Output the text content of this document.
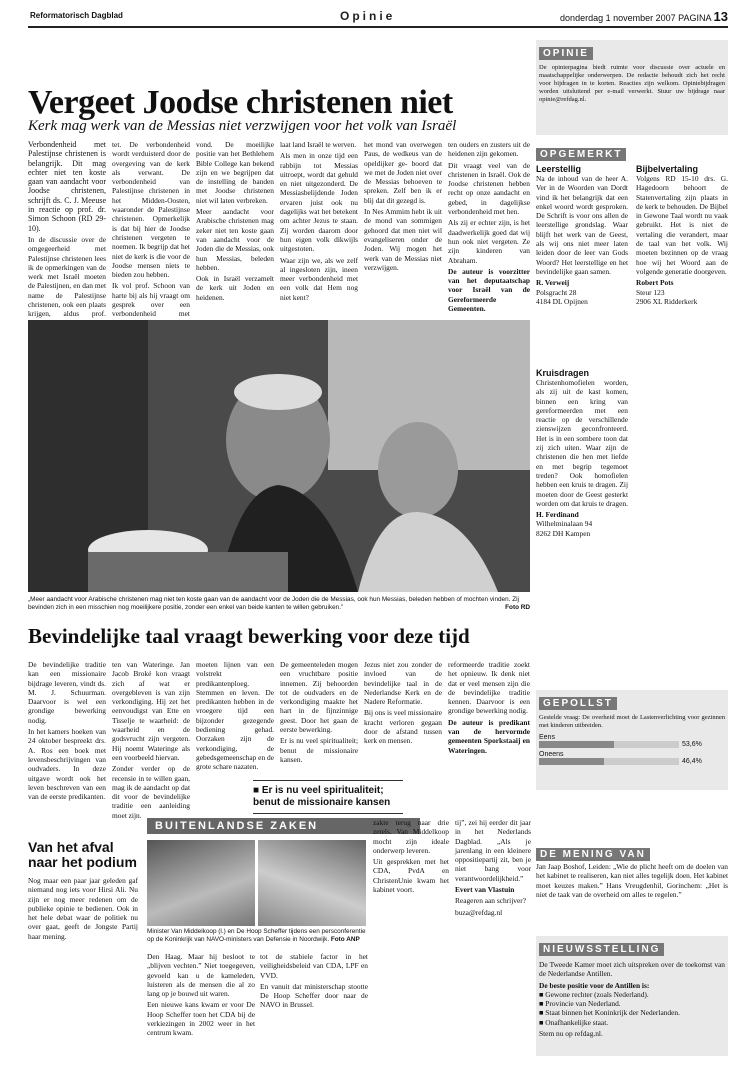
Reformatorisch Dagblad	Opinie	donderdag 1 november 2007 PAGINA 13
Vergeet Joodse christenen niet
Kerk mag werk van de Messias niet verzwijgen voor het volk van Israël

Verbondenheid met Palestijnse christenen is belangrijk. Dit mag echter niet ten koste gaan van aandacht voor Joodse christenen, schrijft ds. C. J. Meeuse in reactie op prof. dr. Simon Schoon (RD 29-10).

In de discussie over de omgegeerheid met Palestijnse christenen lees ik de opmerkingen van de werk met Israël moeten de Palestijnen, en dan met name de Palestijnse christenen, ook een plaats krijgen, aldus prof.

tet. De verbondenheid wordt verduisterd door de overgeving van de kerk als verwant. De verbondenheid van Palestijnse christenen in het Midden-Oosten, waaronder de Palestijnse christenen. Opmerkelijk is dat bij hier de Joodse christenen vergeten te noemen. Ik begrijp dat het niet de kerk is die voor de Joodse mensen niets te bieden zou hebben.

Ik vol prof. Schoon van harte bij als hij vraagt om gesprek over een verbondenheid met

vond. De moeilijke positie van het Bethlehem Bible College kan bekend zijn en we begrijpen dat de instelling de banden met Joodse christenen niet wil laten verbreken.

Meer aandacht voor Arabische christenen mag zeker niet ten koste gaan van aandacht voor de Joden die de Messias, ook hun Messias, beleden hebben.

Ook in Israël verzamelt de kerk uit Joden en heidenen.

laat land Israël te werven.

Als men in onze tijd een rabbijn tot Messias uitroept, wordt dat gehuld en niet uitgezonderd. De Messiasbelijdende Joden ervaren juist ook nu dagelijks wat het betekent om achter Jezus te staan. Zij worden daarom door hun eigen volk dikwijls uitgestoten.

Waar zijn we, als we zelf al ingesloten zijn, ineen meer verbondenheid met een volk dat Hem nog niet kent?

het mond van overwegen Paus, de wedkeus van de opeldijker ge- boord dat we met de Joden niet over de Messias behoeven te spreken. Zelf ben ik er blij dat dit gezegd is.

In Nes Ammim hebt ik uit de mond van sommigen gehoord dat men niet wil evangeliseren onder de Joden. Wij mogen het werk van de Messias niet verzwijgen.

ten ouders en zusters uit de heidenen zijn gekomen.

Dit vraagt veel van de christenen in Israël. Ook de Joodse christenen hebben recht op onze aandacht en gebed, in dagelijkse verbondenheid met hen.

Als zij er echter zijn, is het daadwerkelijk goed dat wij hun ook niet vergeten. Ze zijn kinderen van Abraham.

De auteur is voorzitter van het deputaatschap voor Israël van de Gereformeerde Gemeenten.

„Meer aandacht voor Arabische christenen mag niet ten koste gaan van de aandacht voor de Joden die de Messias, ook hun Messias, beleden hebben of mochten vinden. Zij bevinden zich in een misschien nog moeilijkere positie, zonder een enkel van beide kanten te willen gebruiken.”	Foto RD
Bevindelijke taal vraagt bewerking voor deze tijd

De bevindelijke traditie kan een missionaire bijdrage leveren, vindt ds. M. J. Schuurman. Daarvoor is wel een grondige bewerking nodig.

In het kamers hoeken van 24 oktober bespreekt drs. A. Ros een boek met levensbeschrijvingen van oudvaders. In deze uitgave wordt ook het leven beschreven van een van de eerste predikanten.

ten van Wateringe. Jan Jacob Broké kon vraagt zich af wat er overgebleven is van zijn verkondiging. Hij zet het eenvoudigst van Ette en Tisselje te waarheid: de waarheid en de godsvrucht zijn vergeten. Hij noemt Wateringe als een voorbeeld hiervan.

Zonder verder op de recensie in te willen gaan, mag ik de aandacht op dat dit voor de bevindelijke traditie een aanleiding moet zijn.

moeten lijnen van een volstrekt predikantenploeg. Stemmen en leven. De predikanten hebben in de vroegere tijd een bijzonder gezegende bediening gehad. Oorzaken zijn de verkondiging, de gebedsgemeenschap en de grote schare nazaten.

De gemeenteleden mogen een vruchtbare positie innemen. Zij behoorden tot de oudvaders en de verkondiging maakte het hart in de fijnzinnige geest. Door het gaan de eerste bewerking.

Er is nu veel spiritualiteit; benut de missionaire kansen.

Jezus niet zou zonder de invloed van de bevindelijke taal in de Nederlandse Kerk en de Nadere Reformatie.

Bij ons is veel missionaire kracht verloren gegaan door de afstand tussen kerk en mensen.

reformeerde traditie zoekt het opnieuw. Ik denk niet dat er veel mensen zijn die de bevindelijke traditie kennen. Daarvoor is een grondige bewerking nodig.

De auteur is predikant van de hervormde gemeenten Sporkstaaij en Wateringen.

■ Er is nu veel spiritualiteit; benut de missionaire kansen
OPINIE
De opinierpagina biedt ruimte voor discussie over actuele en maatschappelijke onderwerpen. De redactie behoudt zich het recht voor bijdragen in te korten. Reacties zijn welkom. Opiniebijdragen worden uitsluitend per e-mail verwerkt. Stuur uw bijdrage naar opinie@refdag.nl.
OPGEMERKT
Leerstellig

Na de inhoud van de heer A. Ver in de Woorden van Dordt vind ik het belangrijk dat een enkel woord wordt gesproken. De Schrift is voor ons allen de leerstellige grondslag. Waar blijft het werk van de Geest, als wij ons niet meer laten leiden door de leer van Gods Woord? Het leerstellige en het bevindelijke gaan samen.

R. Verweij
Polsgracht 28
4184 DL Opijnen
Kruisdragen

Christenhomofielen worden, als zij uit de kast komen, binnen een kring van gereformeerden met een reactie op de verschillende zienswijzen geconfronteerd. Het is in een sombere toon dat zij zich uiten. Waar zijn de christenen die hen met liefde en met begrip tegemoet treden? Ook homofielen hebben een kruis te dragen. Zij moeten door de Geest gesterkt worden om dat kruis te dragen.

H. Ferdinand
Wilhelminalaan 94
8262 DH Kampen
Bijbelvertaling

Volgens RD 15-10 drs. G. Hagedoorn behoort de Statenvertaling zijn plaats in de kerk te behouden. De Bijbel in Gewone Taal wordt nu vaak gebruikt. Het is niet de vertaling die verandert, maar de taal van het volk. Wij moeten bezinnen op de vraag hoe wij het Woord aan de volgende generatie doorgeven.

Robert Pots
Steur 123
2906 XL Ridderkerk
GEPOLLST
Gestelde vraag: De overheid moet de Lastenverlichting voor gezinnen met kinderen uitbreiden.
Eens
53,6%
Oneens
46,4%
DE MENING VAN
Jan Jaap Boshof, Leiden: „Wie de plicht heeft om de doelen van het kabinet te realiseren, kan niet alles tegelijk doen. Het kabinet moet keuzes maken.” Hans Vreugdenhil, Gorinchem: „Het is niet de taak van de overheid om alles te regelen.”
NIEUWSSTELLING
De Tweede Kamer moet zich uitspreken over de toekomst van de Nederlandse Antillen.
De beste positie voor de Antillen is:
■ Gewone rechter (zoals Nederland).
■ Provincie van Nederland.
■ Staat binnen het Koninkrijk der Nederlanden.
■ Onafhankelijke staat.
Stem nu op refdag.nl.
Van het afval naar het podium
Nog maar een paar jaar geleden gaf niemand nog iets voor Hirsi Ali. Nu zijn er nog meer redenen om de publieke opinie te bedienen. Ook in het hele debat waar de politiek nu over gaat, geeft de Jongste Partij haar mening.
BUITENLANDSE ZAKEN
Minister Van Middelkoop (l.) en De Hoop Scheffer tijdens een persconferentie op de Koninkrijk van NAVO-ministers van Defensie in Noordwijk. Foto ANP

Den Haag. Maar hij besloot te „blijven vechten.” Niet toegegeven, gevoeld kan u de kameleden, luisteren als de mensen die al zo lang op je bouwd uit waren.

Een nieuwe kans kwam er voor De Hoop Scheffer toen het CDA bij de verkiezingen in 2002 weer in het centrum kwam.

tot de stabiele factor in het veiligheidsbeleid van CDA, LPF en VVD.

En vanuit dat ministerschap stootte De Hoop Scheffer door naar de NAVO in Brussel.

zakte terug naar drie zetels. Van Middelkoop mocht zijn ideale onderwerp leveren.

Uit gesprekken met het CDA, PvdA en ChristenUnie kwam het kabinet voort.

tij”, zei hij eerder dit jaar in het Nederlands Dagblad. „Als je jarenlang in een kleinere oppositiepartij zit, ben je niet bang voor verantwoordelijkheid.”

Evert van Vlastuin

Reageren aan schrijver?

buza@refdag.nl
